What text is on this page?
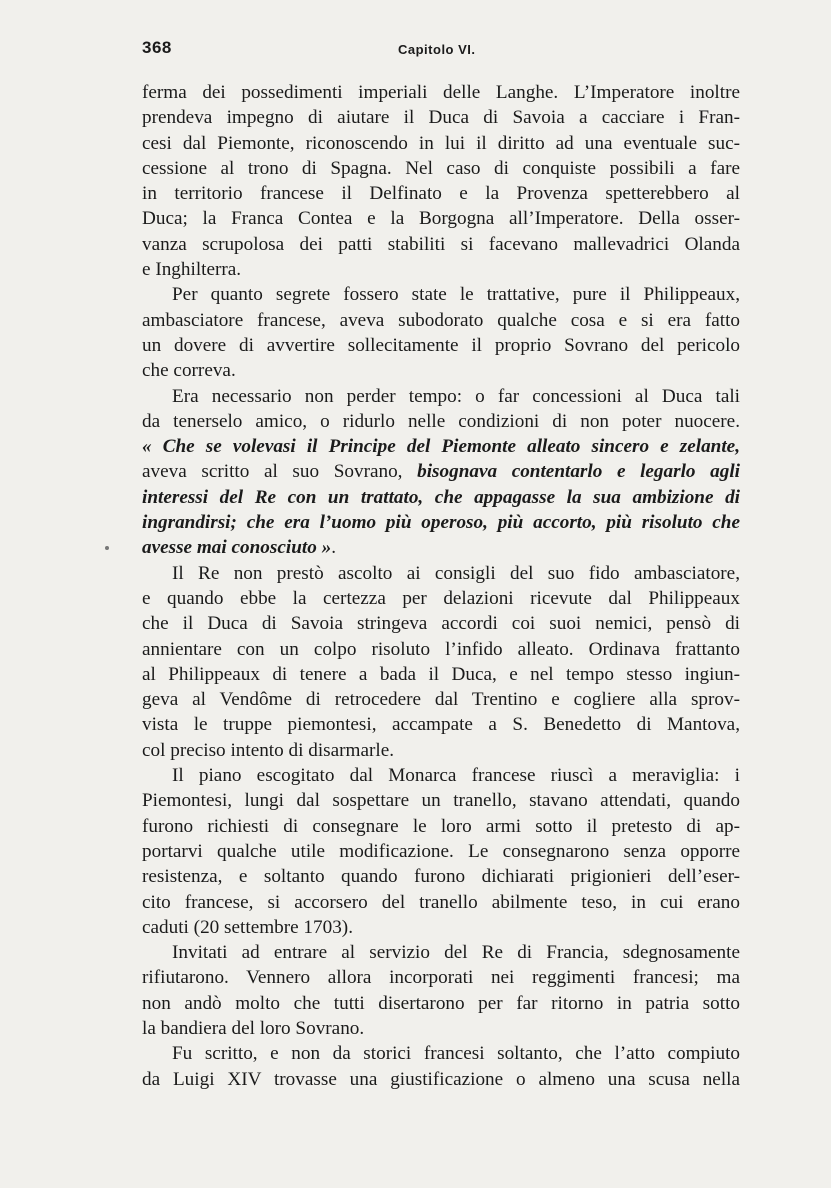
368	Capitolo VI.
ferma dei possedimenti imperiali delle Langhe. L’Imperatore inoltre
prendeva impegno di aiutare il Duca di Savoia a cacciare i Fran-
cesi dal Piemonte, riconoscendo in lui il diritto ad una eventuale suc-
cessione al trono di Spagna. Nel caso di conquiste possibili a fare
in territorio francese il Delfinato e la Provenza spetterebbero al
Duca; la Franca Contea e la Borgogna all’Imperatore. Della osser-
vanza scrupolosa dei patti stabiliti si facevano mallevadrici Olanda
e Inghilterra.
Per quanto segrete fossero state le trattative, pure il Philippeaux,
ambasciatore francese, aveva subodorato qualche cosa e si era fatto
un dovere di avvertire sollecitamente il proprio Sovrano del pericolo
che correva.
Era necessario non perder tempo: o far concessioni al Duca tali
da tenerselo amico, o ridurlo nelle condizioni di non poter nuocere.
« Che se volevasi il Principe del Piemonte alleato sincero e zelante,
aveva scritto al suo Sovrano, bisognava contentarlo e legarlo agli
interessi del Re con un trattato, che appagasse la sua ambizione di
ingrandirsi; che era l’uomo più operoso, più accorto, più risoluto che
avesse mai conosciuto ».
Il Re non prestò ascolto ai consigli del suo fido ambasciatore,
e quando ebbe la certezza per delazioni ricevute dal Philippeaux
che il Duca di Savoia stringeva accordi coi suoi nemici, pensò di
annientare con un colpo risoluto l’infido alleato. Ordinava frattanto
al Philippeaux di tenere a bada il Duca, e nel tempo stesso ingiun-
geva al Vendôme di retrocedere dal Trentino e cogliere alla sprov-
vista le truppe piemontesi, accampate a S. Benedetto di Mantova,
col preciso intento di disarmarle.
Il piano escogitato dal Monarca francese riuscì a meraviglia: i
Piemontesi, lungi dal sospettare un tranello, stavano attendati, quando
furono richiesti di consegnare le loro armi sotto il pretesto di ap-
portarvi qualche utile modificazione. Le consegnarono senza opporre
resistenza, e soltanto quando furono dichiarati prigionieri dell’eser-
cito francese, si accorsero del tranello abilmente teso, in cui erano
caduti (20 settembre 1703).
Invitati ad entrare al servizio del Re di Francia, sdegnosamente
rifiutarono. Vennero allora incorporati nei reggimenti francesi; ma
non andò molto che tutti disertarono per far ritorno in patria sotto
la bandiera del loro Sovrano.
Fu scritto, e non da storici francesi soltanto, che l’atto compiuto
da Luigi XIV trovasse una giustificazione o almeno una scusa nella
